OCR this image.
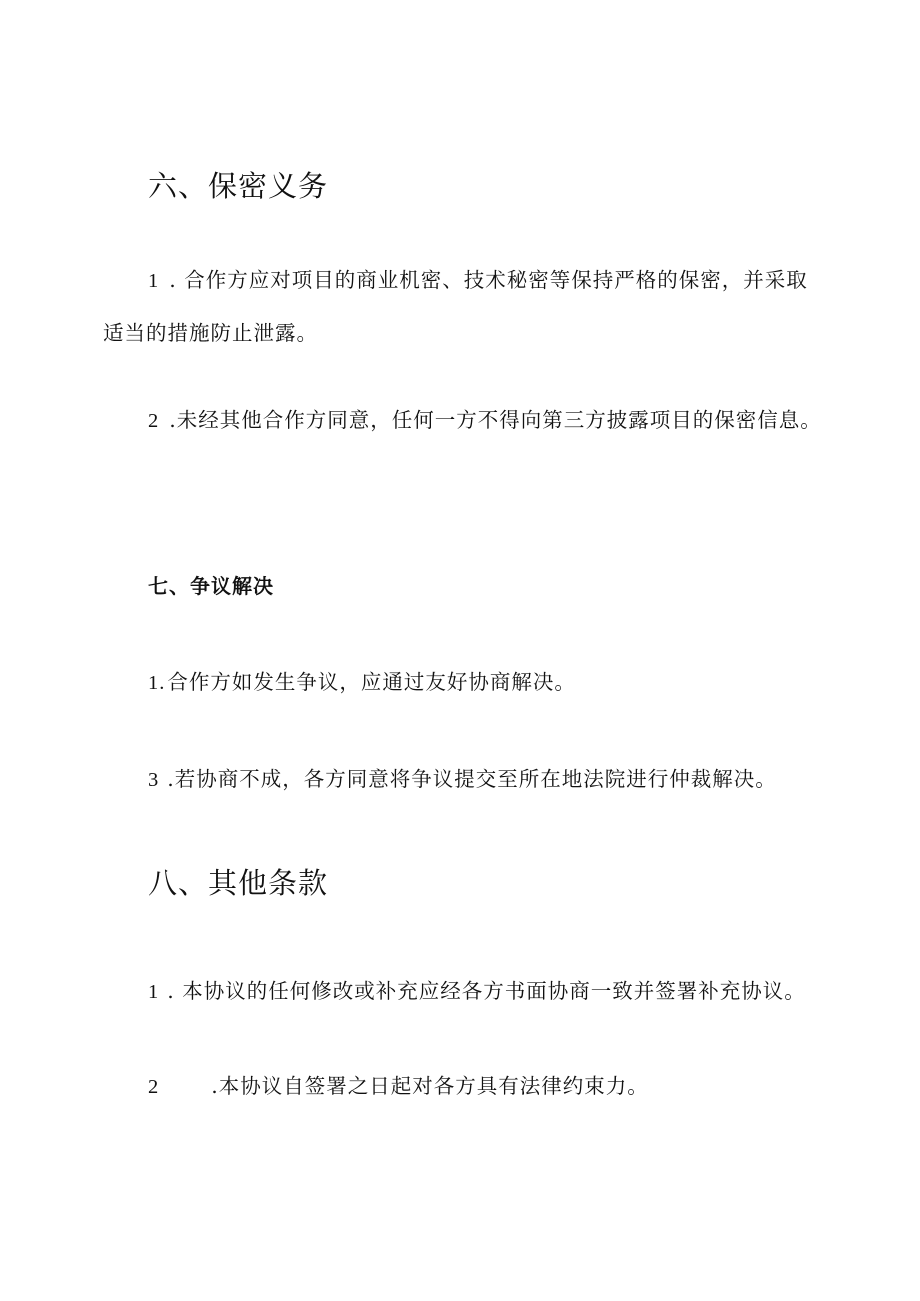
六、保密义务

1 . 合作方应对项目的商业机密、技术秘密等保持严格的保密，并采取适当的措施防止泄露。

2 .未经其他合作方同意，任何一方不得向第三方披露项目的保密信息。

七、争议解决

1.合作方如发生争议，应通过友好协商解决。

3 .若协商不成，各方同意将争议提交至所在地法院进行仲裁解决。

八、其他条款

1 . 本协议的任何修改或补充应经各方书面协商一致并签署补充协议。

2	.本协议自签署之日起对各方具有法律约束力。
